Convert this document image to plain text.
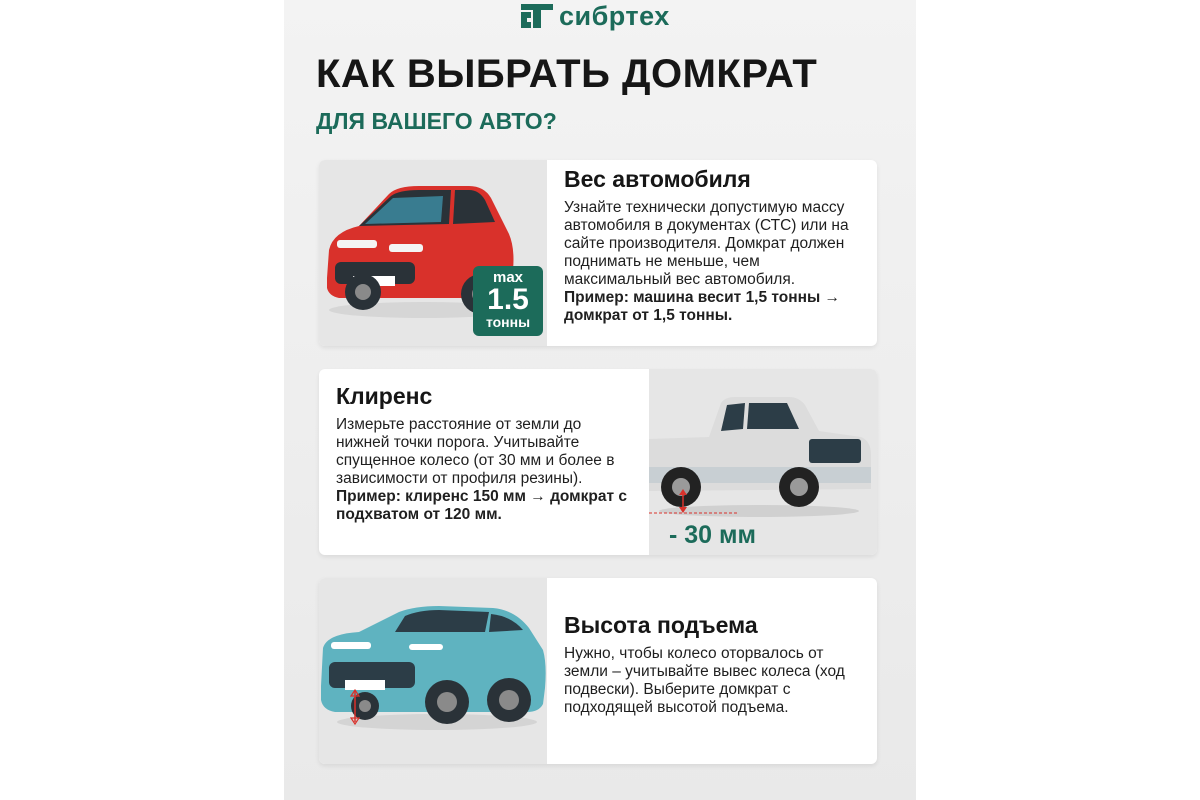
сибртех
КАК ВЫБРАТЬ ДОМКРАТ
ДЛЯ ВАШЕГО АВТО?
max
1.5
тонны
Вес автомобиля

Узнайте технически допустимую массу автомобиля в документах (СТС) или на сайте производителя. Домкрат должен поднимать не меньше, чем максимальный вес автомобиля.

Пример: машина весит 1,5 тонны → домкрат от 1,5 тонны.

Клиренс

Измерьте расстояние от земли до нижней точки порога. Учитывайте спущенное колесо (от 30 мм и более в зависимости от профиля резины).

Пример: клиренс 150 мм → домкрат с подхватом от 120 мм.

- 30 мм
Высота подъема

Нужно, чтобы колесо оторвалось от земли – учитывайте вывес колеса (ход подвески). Выберите домкрат с подходящей высотой подъема.
